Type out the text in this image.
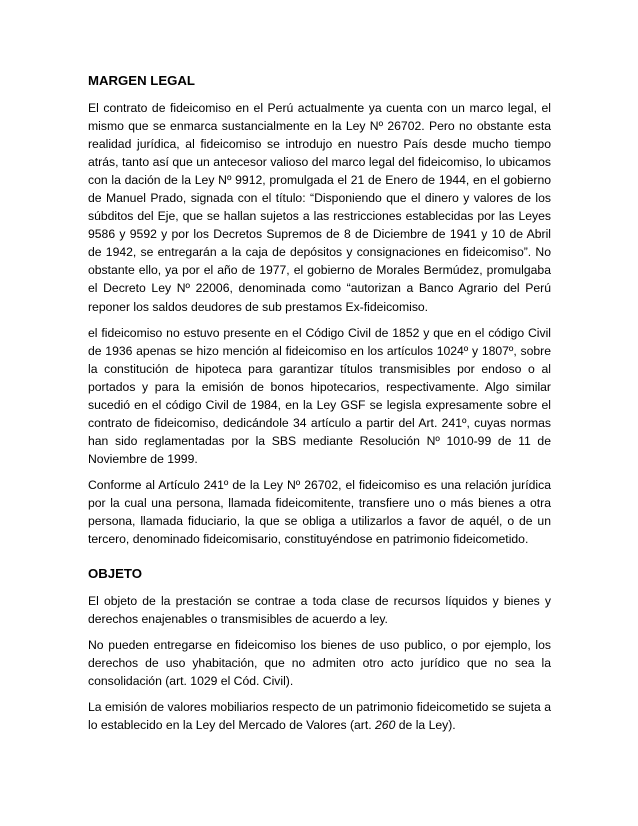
MARGEN LEGAL

El contrato de fideicomiso en el Perú actualmente ya cuenta con un marco legal, el mismo que se enmarca sustancialmente en la Ley Nº 26702. Pero no obstante esta realidad jurídica, al fideicomiso se introdujo en nuestro País desde mucho tiempo atrás, tanto así que un antecesor valioso del marco legal del fideicomiso, lo ubicamos con la dación de la Ley Nº 9912, promulgada el 21 de Enero de 1944, en el gobierno de Manuel Prado, signada con el título: “Disponiendo que el dinero y valores de los súbditos del Eje, que se hallan sujetos a las restricciones establecidas por las Leyes 9586 y 9592 y por los Decretos Supremos de 8 de Diciembre de 1941 y 10 de Abril de 1942, se entregarán a la caja de depósitos y consignaciones en fideicomiso”. No obstante ello, ya por el año de 1977, el gobierno de Morales Bermúdez, promulgaba el Decreto Ley Nº 22006, denominada como “autorizan a Banco Agrario del Perú reponer los saldos deudores de sub prestamos Ex-fideicomiso.

el fideicomiso no estuvo presente en el Código Civil de 1852 y que en el código Civil de 1936 apenas se hizo mención al fideicomiso en los artículos 1024º y 1807º, sobre la constitución de hipoteca para garantizar títulos transmisibles por endoso o al portados y para la emisión de bonos hipotecarios, respectivamente. Algo similar sucedió en el código Civil de 1984, en la Ley GSF se legisla expresamente sobre el contrato de fideicomiso, dedicándole 34 artículo a partir del Art. 241º, cuyas normas han sido reglamentadas por la SBS mediante Resolución Nº 1010-99 de 11 de Noviembre de 1999.

Conforme al Artículo 241º de la Ley Nº 26702, el fideicomiso es una relación jurídica por la cual una persona, llamada fideicomitente, transfiere uno o más bienes a otra persona, llamada fiduciario, la que se obliga a utilizarlos a favor de aquél, o de un tercero, denominado fideicomisario, constituyéndose en patrimonio fideicometido.

OBJETO

El objeto de la prestación se contrae a toda clase de recursos líquidos y bienes y derechos enajenables o transmisibles de acuerdo a ley.

No pueden entregarse en fideicomiso los bienes de uso publico, o por ejemplo, los derechos de uso yhabitación, que no admiten otro acto jurídico que no sea la consolidación (art. 1029 el Cód. Civil).

La emisión de valores mobiliarios respecto de un patrimonio fideicometido se sujeta a lo establecido en la Ley del Mercado de Valores (art. 260 de la Ley).
